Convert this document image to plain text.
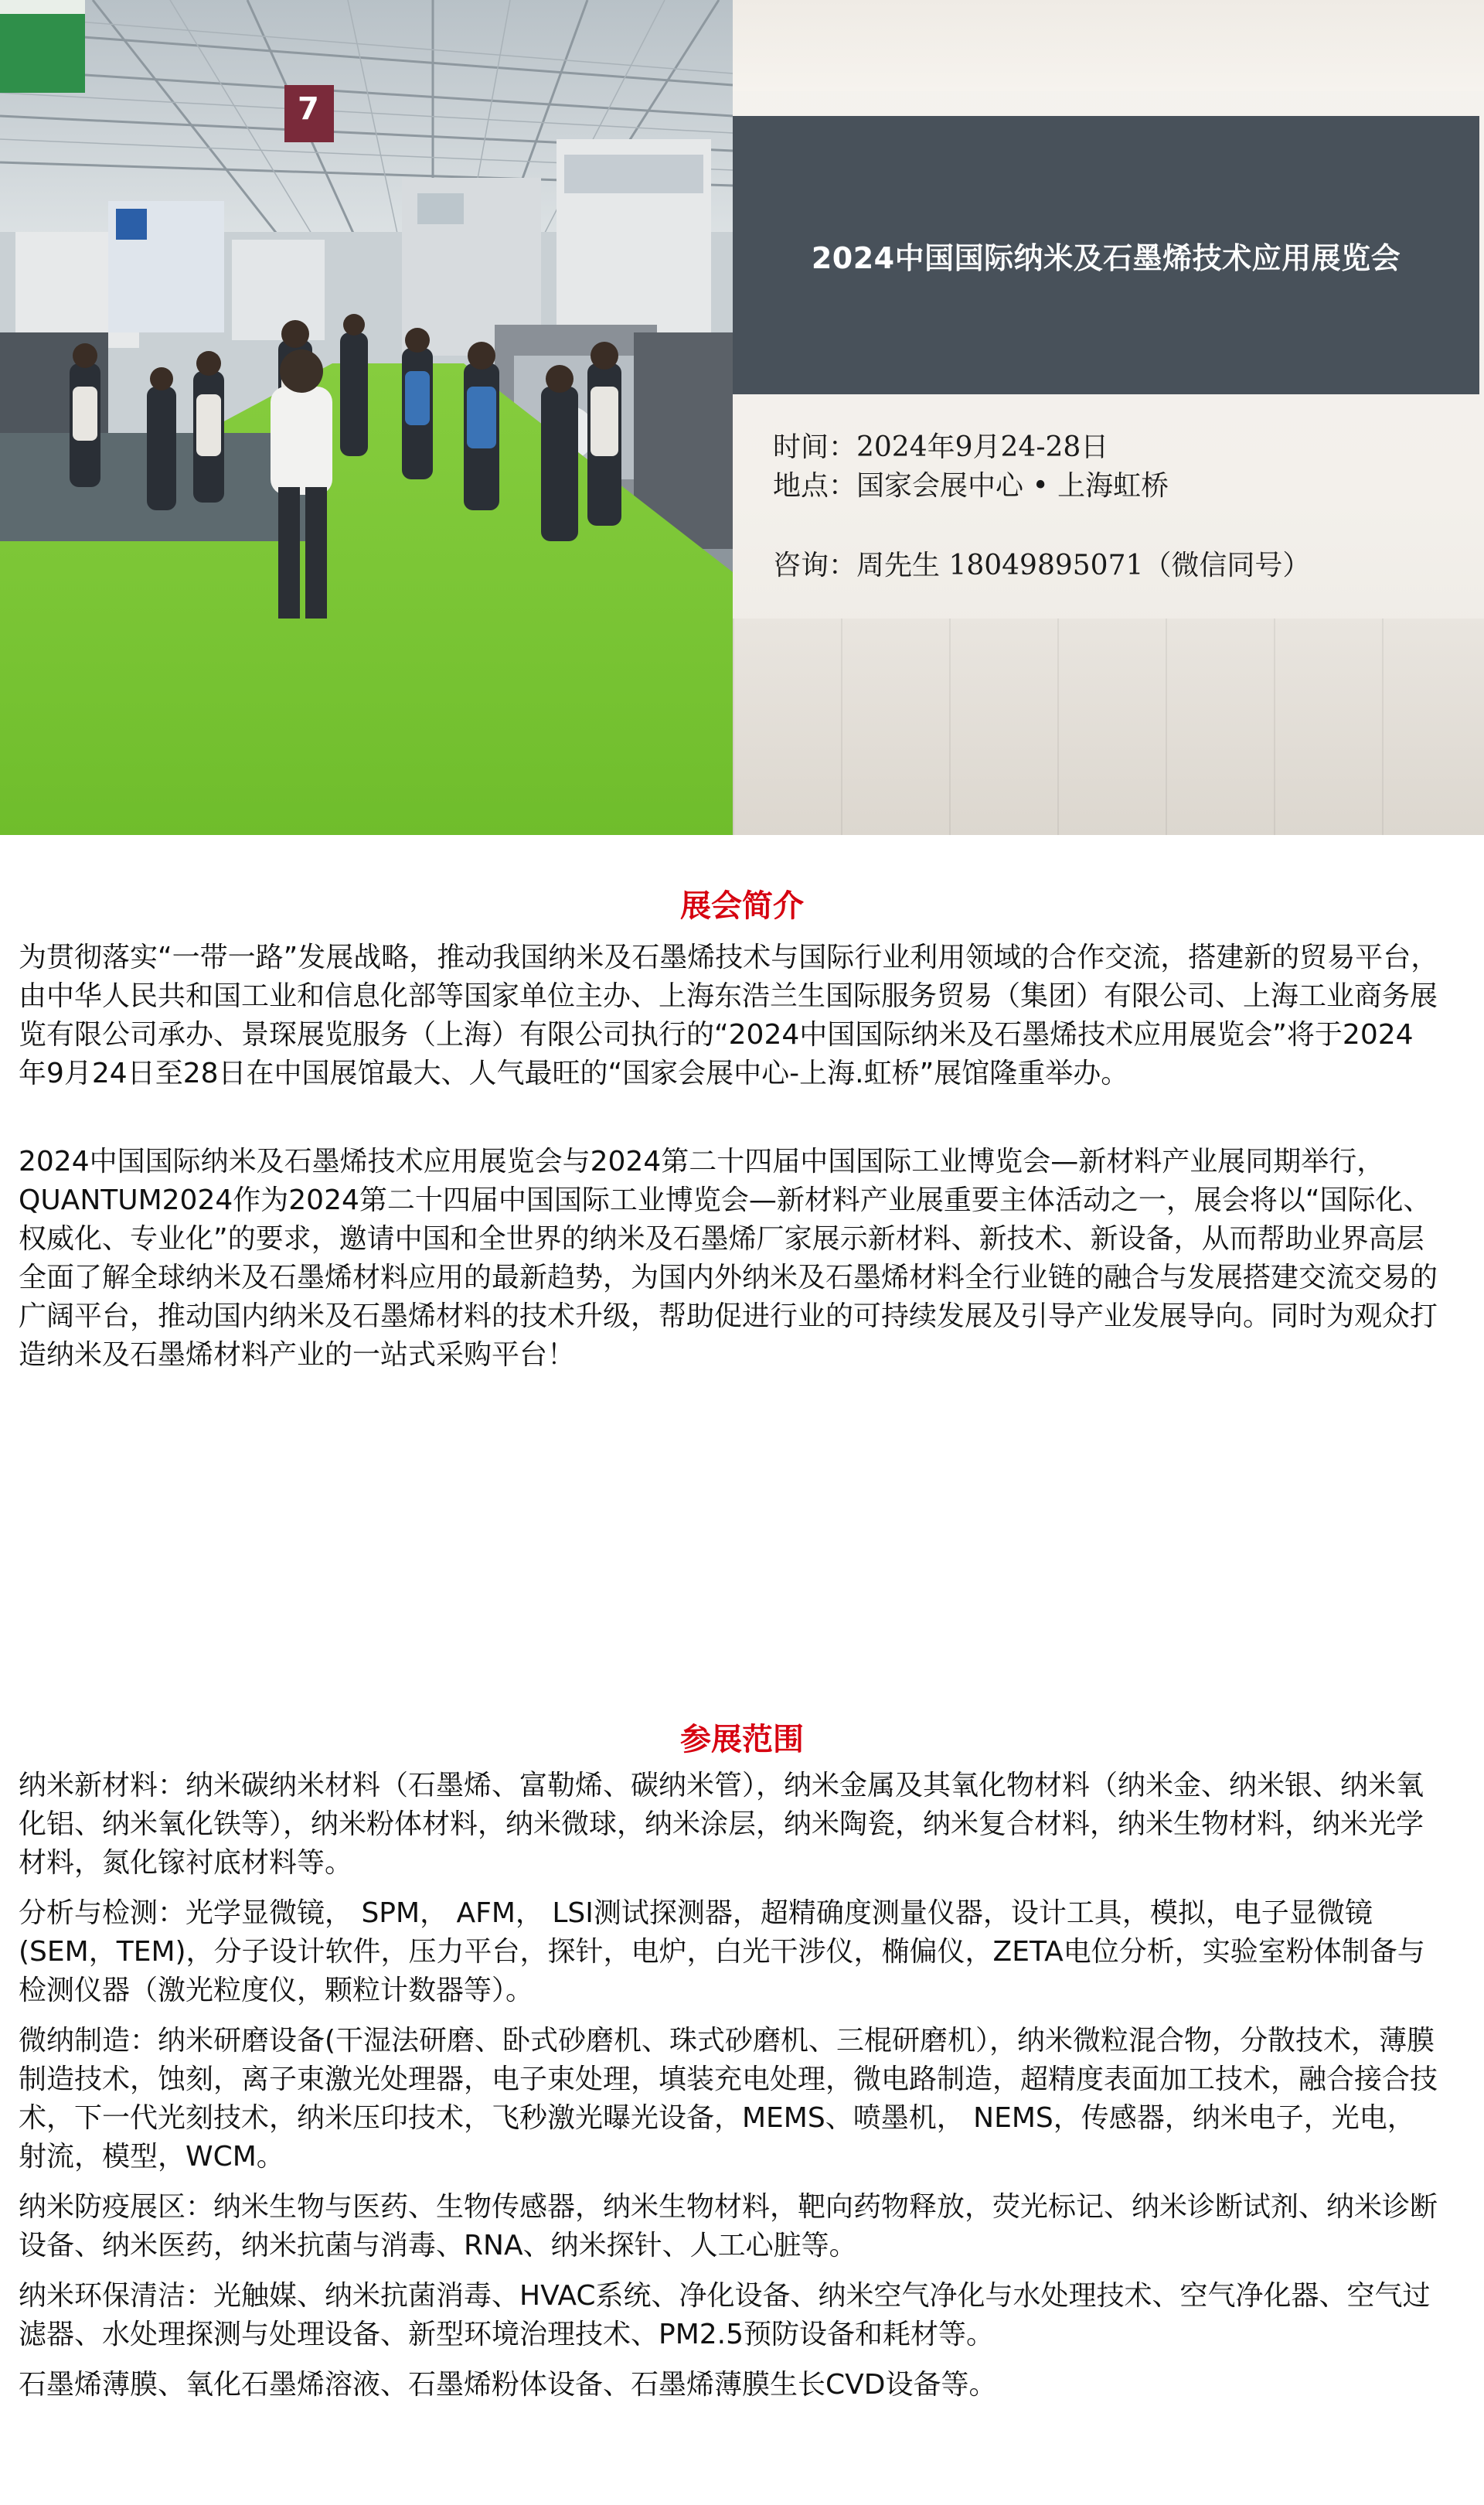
7
2024中国国际纳米及石墨烯技术应用展览会
时间：2024年9月24-28日
地点：国家会展中心 • 上海虹桥
咨询：周先生 18049895071（微信同号）
展会简介

为贯彻落实“一带一路”发展战略，推动我国纳米及石墨烯技术与国际行业利用领域的合作交流，搭建新的贸易平台，由中华人民共和国工业和信息化部等国家单位主办、上海东浩兰生国际服务贸易（集团）有限公司、上海工业商务展览有限公司承办、景琛展览服务（上海）有限公司执行的“2024中国国际纳米及石墨烯技术应用展览会”将于2024年9月24日至28日在中国展馆最大、人气最旺的“国家会展中心-上海.虹桥”展馆隆重举办。

2024中国国际纳米及石墨烯技术应用展览会与2024第二十四届中国国际工业博览会—新材料产业展同期举行，QUANTUM2024作为2024第二十四届中国国际工业博览会—新材料产业展重要主体活动之一，展会将以“国际化、权威化、专业化”的要求，邀请中国和全世界的纳米及石墨烯厂家展示新材料、新技术、新设备，从而帮助业界高层全面了解全球纳米及石墨烯材料应用的最新趋势，为国内外纳米及石墨烯材料全行业链的融合与发展搭建交流交易的广阔平台，推动国内纳米及石墨烯材料的技术升级，帮助促进行业的可持续发展及引导产业发展导向。同时为观众打造纳米及石墨烯材料产业的一站式采购平台！

参展范围

纳米新材料：纳米碳纳米材料（石墨烯、富勒烯、碳纳米管），纳米金属及其氧化物材料（纳米金、纳米银、纳米氧化铝、纳米氧化铁等），纳米粉体材料，纳米微球，纳米涂层，纳米陶瓷，纳米复合材料，纳米生物材料，纳米光学材料，氮化镓衬底材料等。

分析与检测：光学显微镜， SPM， AFM， LSI测试探测器，超精确度测量仪器，设计工具，模拟，电子显微镜(SEM，TEM)，分子设计软件，压力平台，探针，电炉，白光干涉仪，椭偏仪，ZETA电位分析，实验室粉体制备与检测仪器（激光粒度仪，颗粒计数器等）。

微纳制造：纳米研磨设备(干湿法研磨、卧式砂磨机、珠式砂磨机、三棍研磨机），纳米微粒混合物，分散技术，薄膜制造技术，蚀刻，离子束激光处理器，电子束处理，填装充电处理，微电路制造，超精度表面加工技术，融合接合技术，下一代光刻技术，纳米压印技术，飞秒激光曝光设备，MEMS、喷墨机， NEMS，传感器，纳米电子，光电，射流，模型，WCM。

纳米防疫展区：纳米生物与医药、生物传感器，纳米生物材料，靶向药物释放，荧光标记、纳米诊断试剂、纳米诊断设备、纳米医药，纳米抗菌与消毒、RNA、纳米探针、人工心脏等。

纳米环保清洁：光触媒、纳米抗菌消毒、HVAC系统、净化设备、纳米空气净化与水处理技术、空气净化器、空气过滤器、水处理探测与处理设备、新型环境治理技术、PM2.5预防设备和耗材等。

石墨烯薄膜、氧化石墨烯溶液、石墨烯粉体设备、石墨烯薄膜生长CVD设备等。
